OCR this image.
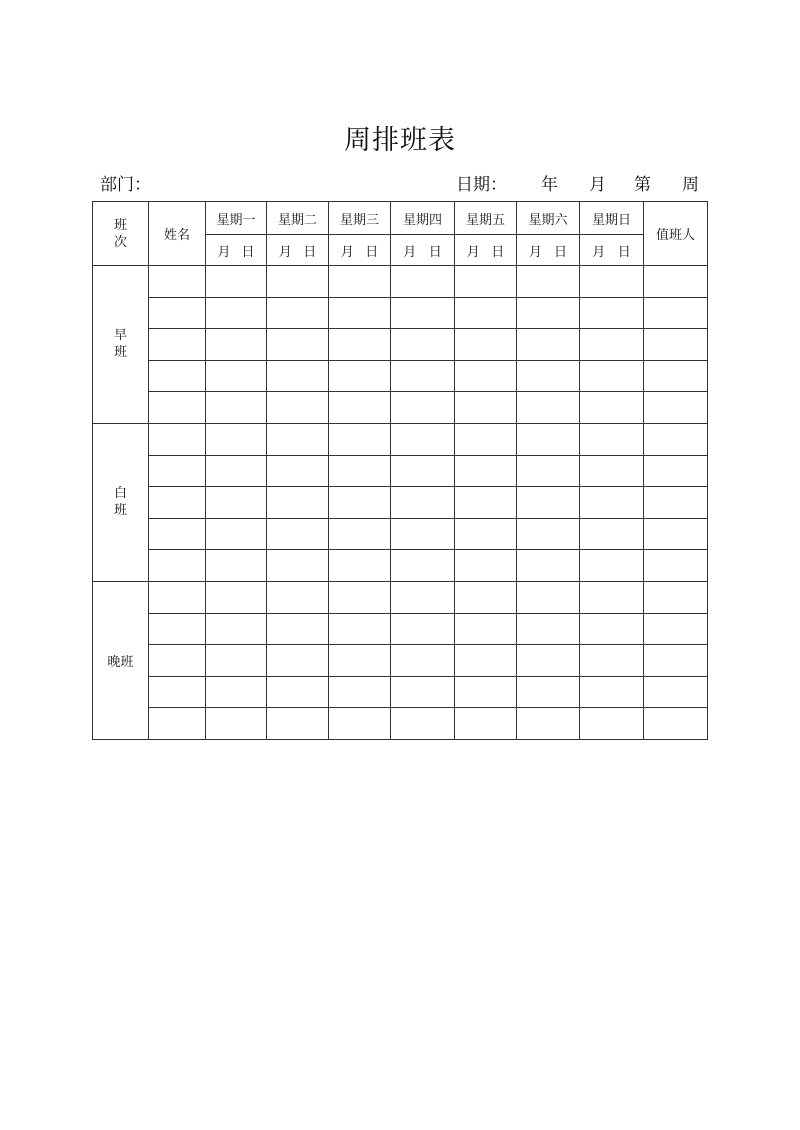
周排班表
部门：	日期： 年 月 第 周
班
次	姓名	星期一	星期二	星期三	星期四	星期五	星期六	星期日	值班人

		月 日	月 日	月 日	月 日	月 日	月 日	月 日	

早
班									

白
班									

晚班									
